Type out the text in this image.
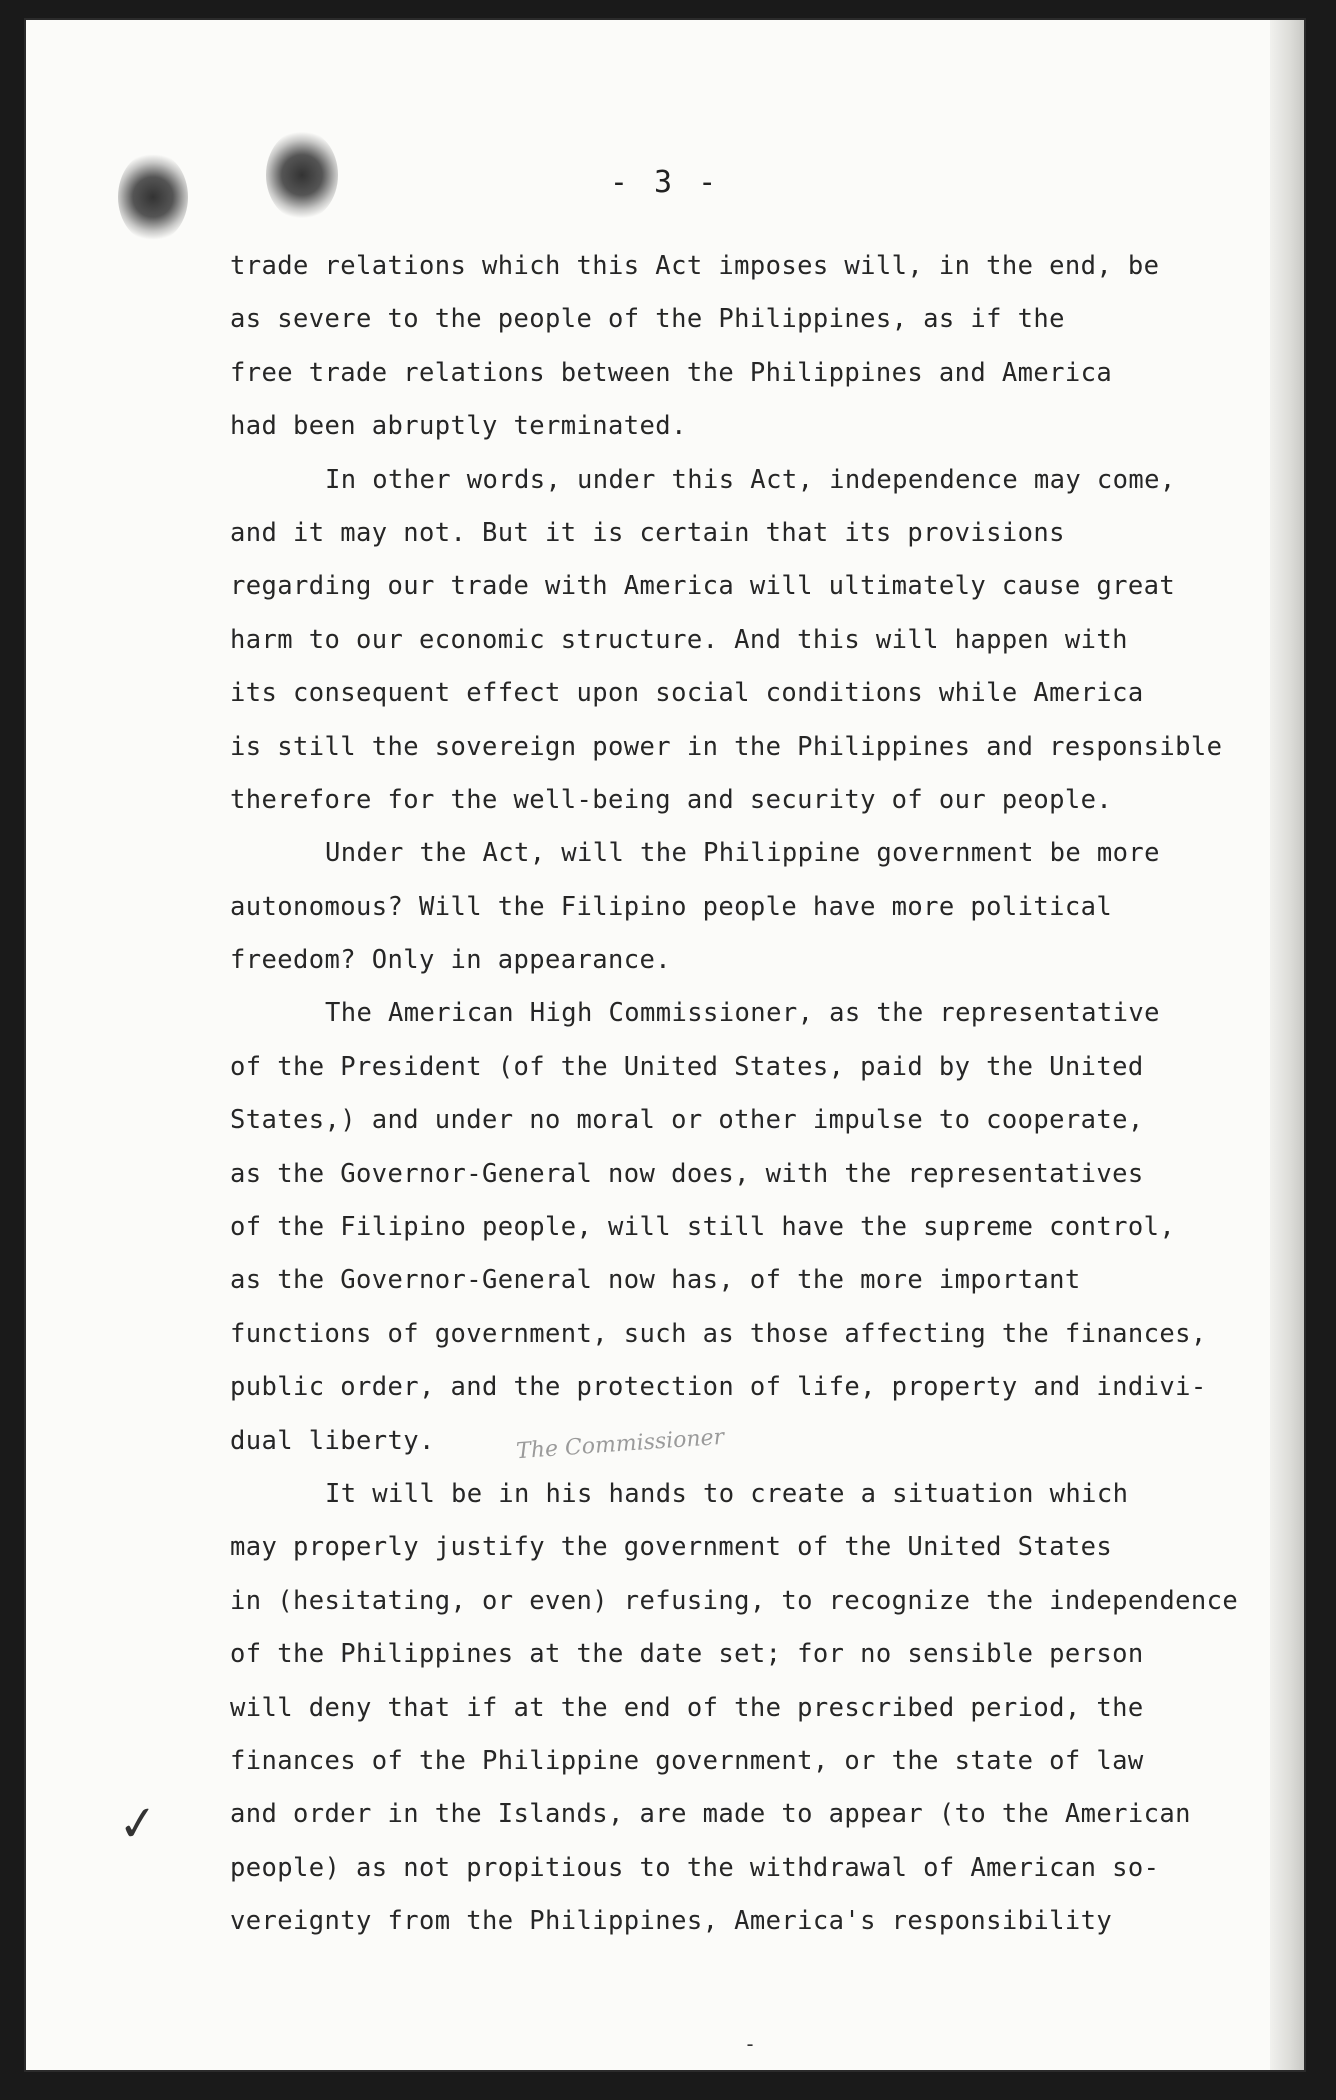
- 3 -
trade relations which this Act imposes will, in the end, be
as severe to the people of the Philippines, as if the
free trade relations between the Philippines and America
had been abruptly terminated.
In other words, under this Act, independence may come,
and it may not. But it is certain that its provisions
regarding our trade with America will ultimately cause great
harm to our economic structure. And this will happen with
its consequent effect upon social conditions while America
is still the sovereign power in the Philippines and responsible
therefore for the well-being and security of our people.
Under the Act, will the Philippine government be more
autonomous? Will the Filipino people have more political
freedom? Only in appearance.
The American High Commissioner, as the representative
of the President (of the United States, paid by the United
States,) and under no moral or other impulse to cooperate,
as the Governor-General now does, with the representatives
of the Filipino people, will still have the supreme control,
as the Governor-General now has, of the more important
functions of government, such as those affecting the finances,
public order, and the protection of life, property and indivi-
dual liberty.
It will be in his hands to create a situation which
may properly justify the government of the United States
in (hesitating, or even) refusing, to recognize the independence
of the Philippines at the date set; for no sensible person
will deny that if at the end of the prescribed period, the
finances of the Philippine government, or the state of law
and order in the Islands, are made to appear (to the American
people) as not propitious to the withdrawal of American so-
vereignty from the Philippines, America's responsibility
The Commissioner
✓
-
